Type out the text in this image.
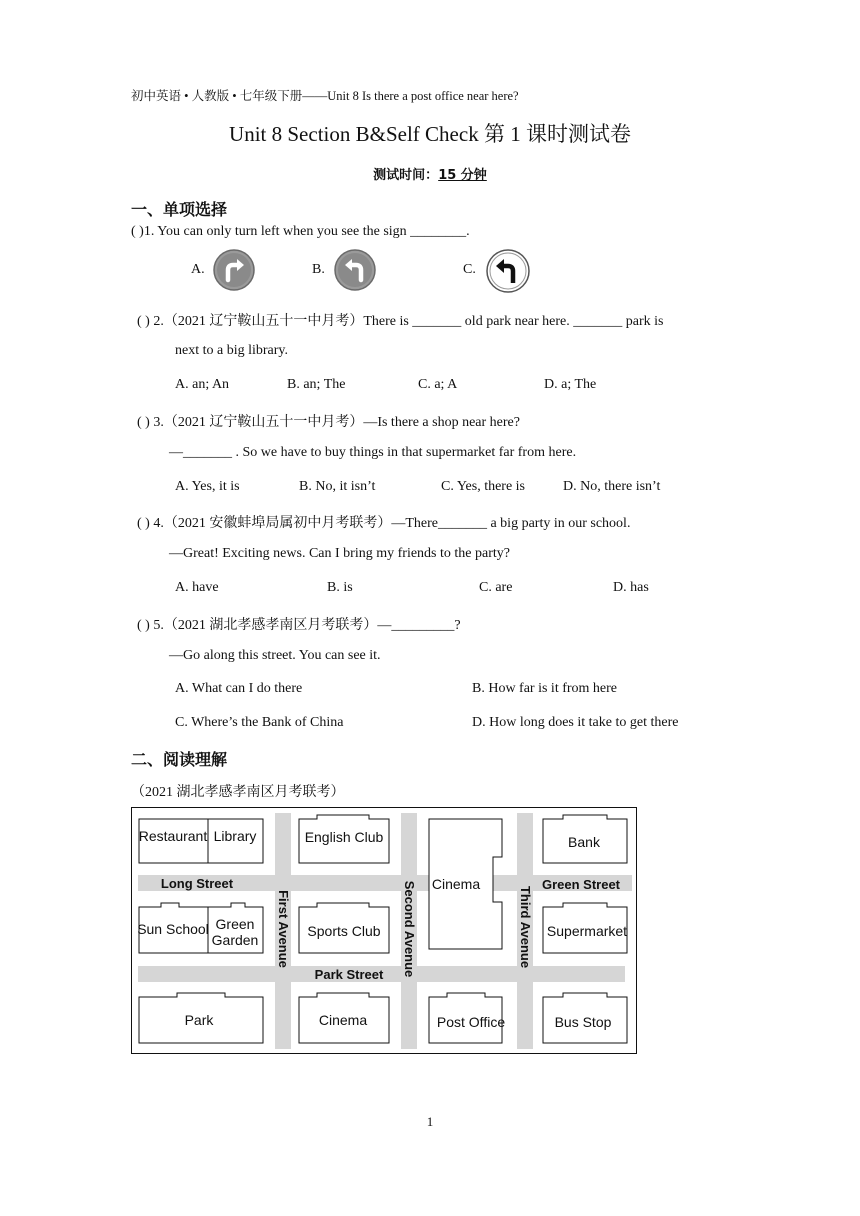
初中英语 • 人教版 • 七年级下册——Unit 8 Is there a post office near here?
Unit 8 Section B&Self Check 第 1 课时测试卷
测试时间：15 分钟
一、单项选择
( )1. You can only turn left when you see the sign ________.
A.	B.	C.
( ) 2.（2021 辽宁鞍山五十一中月考）There is _______ old park near here. _______ park is
next to a big library.
A. an; An	B. an; The	C. a; A	D. a; The
( ) 3.（2021 辽宁鞍山五十一中月考）—Is there a shop near here?
—_______ . So we have to buy things in that supermarket far from here.
A. Yes, it is	B. No, it isn’t	C. Yes, there is	D. No, there isn’t
( ) 4.（2021 安徽蚌埠局属初中月考联考）—There_______ a big party in our school.
—Great! Exciting news. Can I bring my friends to the party?
A. have	B. is	C. are	D. has
( ) 5.（2021 湖北孝感孝南区月考联考）—_________?
—Go along this street. You can see it.
A. What can I do there	B. How far is it from here
C. Where’s the Bank of China	D. How long does it take to get there
二、阅读理解
（2021 湖北孝感孝南区月考联考）
Restaurant Library	English Club
Cinema
Bank
Sun School Green
Garden
Sports Club	Supermarket
Park	Cinema	Post Office	Bus Stop
Long Street	Green Street
Park Street
First Avenue	Second Avenue	Third Avenue
1
